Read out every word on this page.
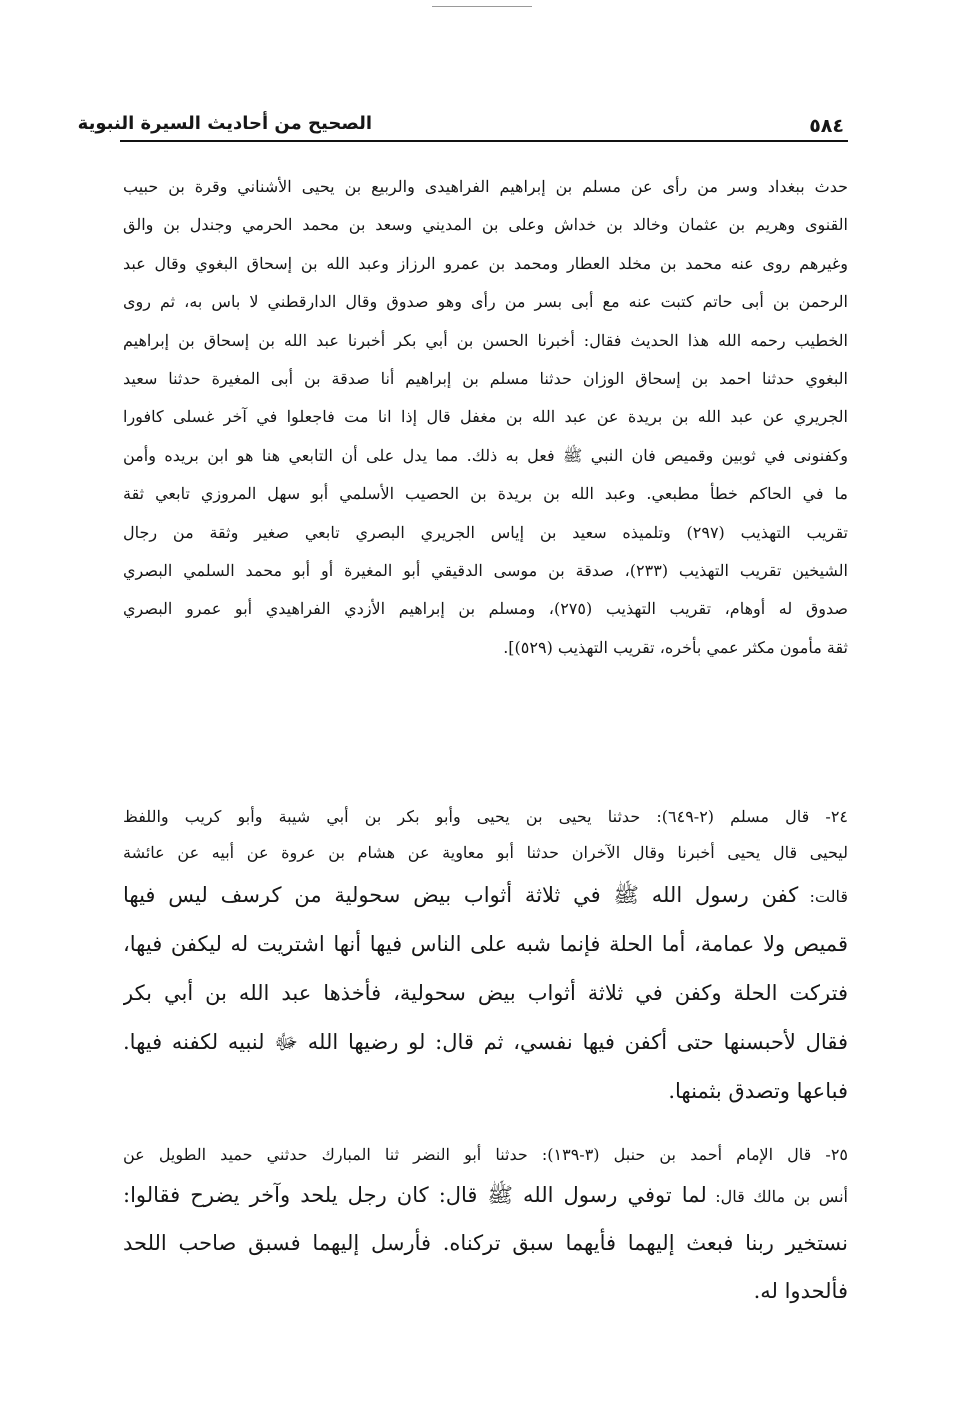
الصحيح من أحاديث السيرة النبوية	٥٨٤
حدث ببغداد وسر من رأى عن مسلم بن إبراهيم الفراهيدى والربيع بن يحيى الأشناني وقرة بن حبيب
القنوى وهريم بن عثمان وخالد بن خداش وعلى بن المديني وسعد بن محمد الحرمي وجندل بن والق
وغيرهم روى عنه محمد بن مخلد العطار ومحمد بن عمرو الرزاز وعبد الله بن إسحاق البغوي وقال عبد
الرحمن بن أبى حاتم كتبت عنه مع أبى بسر من رأى وهو صدوق وقال الدارقطني لا باس به، ثم روى
الخطيب رحمه الله هذا الحديث فقال: أخبرنا الحسن بن أبي بكر أخبرنا عبد الله بن إسحاق بن إبراهيم
البغوي حدثنا احمد بن إسحاق الوزان حدثنا مسلم بن إبراهيم أنا صدقة بن أبى المغيرة حدثنا سعيد
الجريري عن عبد الله بن بريدة عن عبد الله بن مغفل قال إذا انا مت فاجعلوا في آخر غسلى كافورا
وكفنونى في ثوبين وقميص فان النبي ﷺ فعل به ذلك. مما يدل على أن التابعي هنا هو ابن بريده وأمن
ما في الحاكم خطأ مطبعي. وعبد الله بن بريدة بن الحصيب الأسلمي أبو سهل المروزي تابعي ثقة
تقريب التهذيب (٢٩٧) وتلميذه سعيد بن إياس الجريري البصري تابعي صغير وثقة من رجال
الشيخين تقريب التهذيب (٢٣٣)، صدقة بن موسى الدقيقي أبو المغيرة أو أبو محمد السلمي البصري
صدوق له أوهام، تقريب التهذيب (٢٧٥)، ومسلم بن إبراهيم الأزدي الفراهيدي أبو عمرو البصري
ثقة مأمون مكثر عمي بأخره، تقريب التهذيب (٥٢٩)].
٢٤- قال مسلم (٢-٦٤٩): حدثنا يحيى بن يحيى وأبو بكر بن أبي شيبة وأبو كريب واللفظ
ليحيى قال يحيى أخبرنا وقال الآخران حدثنا أبو معاوية عن هشام بن عروة عن أبيه عن عائشة
قالت: كفن رسول الله ﷺ في ثلاثة أثواب بيض سحولية من كرسف ليس فيها
قميص ولا عمامة، أما الحلة فإنما شبه على الناس فيها أنها اشتريت له ليكفن فيها،
فتركت الحلة وكفن في ثلاثة أثواب بيض سحولية، فأخذها عبد الله بن أبي بكر
فقال لأحبسنها حتى أكفن فيها نفسي، ثم قال: لو رضيها الله ﷻ لنبيه لكفنه فيها.
فباعها وتصدق بثمنها.
٢٥- قال الإمام أحمد بن حنبل (٣-١٣٩): حدثنا أبو النضر ثنا المبارك حدثني حميد الطويل عن
أنس بن مالك قال: لما توفي رسول الله ﷺ قال: كان رجل يلحد وآخر يضرح فقالوا:
نستخير ربنا فبعث إليهما فأيهما سبق تركناه. فأرسل إليهما فسبق صاحب اللحد
فألحدوا له.
